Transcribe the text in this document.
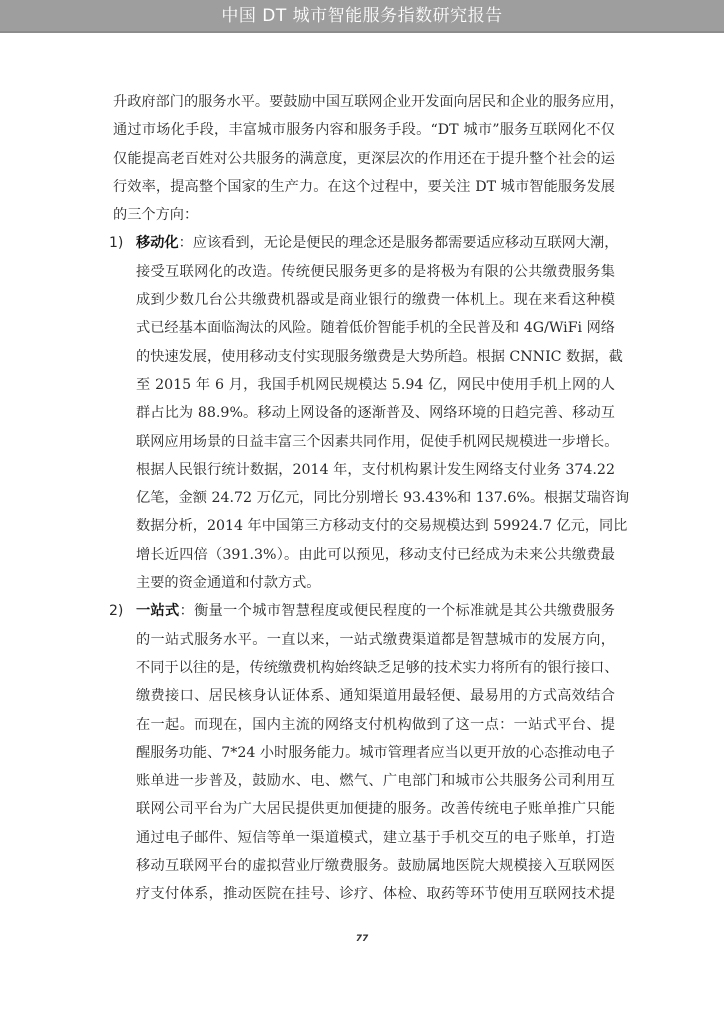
中国 DT 城市智能服务指数研究报告
升政府部门的服务水平。要鼓励中国互联网企业开发面向居民和企业的服务应用，
通过市场化手段，丰富城市服务内容和服务手段。“DT 城市”服务互联网化不仅
仅能提高老百姓对公共服务的满意度，更深层次的作用还在于提升整个社会的运
行效率，提高整个国家的生产力。在这个过程中，要关注 DT 城市智能服务发展
的三个方向：
1) 移动化：应该看到，无论是便民的理念还是服务都需要适应移动互联网大潮，
接受互联网化的改造。传统便民服务更多的是将极为有限的公共缴费服务集
成到少数几台公共缴费机器或是商业银行的缴费一体机上。现在来看这种模
式已经基本面临淘汰的风险。随着低价智能手机的全民普及和 4G/WiFi 网络
的快速发展，使用移动支付实现服务缴费是大势所趋。根据 CNNIC 数据，截
至 2015 年 6 月，我国手机网民规模达 5.94 亿，网民中使用手机上网的人
群占比为 88.9%。移动上网设备的逐渐普及、网络环境的日趋完善、移动互
联网应用场景的日益丰富三个因素共同作用，促使手机网民规模进一步增长。
根据人民银行统计数据，2014 年，支付机构累计发生网络支付业务 374.22
亿笔，金额 24.72 万亿元，同比分别增长 93.43%和 137.6%。根据艾瑞咨询
数据分析，2014 年中国第三方移动支付的交易规模达到 59924.7 亿元，同比
增长近四倍（391.3%）。由此可以预见，移动支付已经成为未来公共缴费最
主要的资金通道和付款方式。
2) 一站式：衡量一个城市智慧程度或便民程度的一个标准就是其公共缴费服务
的一站式服务水平。一直以来，一站式缴费渠道都是智慧城市的发展方向，
不同于以往的是，传统缴费机构始终缺乏足够的技术实力将所有的银行接口、
缴费接口、居民核身认证体系、通知渠道用最轻便、最易用的方式高效结合
在一起。而现在，国内主流的网络支付机构做到了这一点：一站式平台、提
醒服务功能、7*24 小时服务能力。城市管理者应当以更开放的心态推动电子
账单进一步普及，鼓励水、电、燃气、广电部门和城市公共服务公司利用互
联网公司平台为广大居民提供更加便捷的服务。改善传统电子账单推广只能
通过电子邮件、短信等单一渠道模式，建立基于手机交互的电子账单，打造
移动互联网平台的虚拟营业厅缴费服务。鼓励属地医院大规模接入互联网医
疗支付体系，推动医院在挂号、诊疗、体检、取药等环节使用互联网技术提
77
